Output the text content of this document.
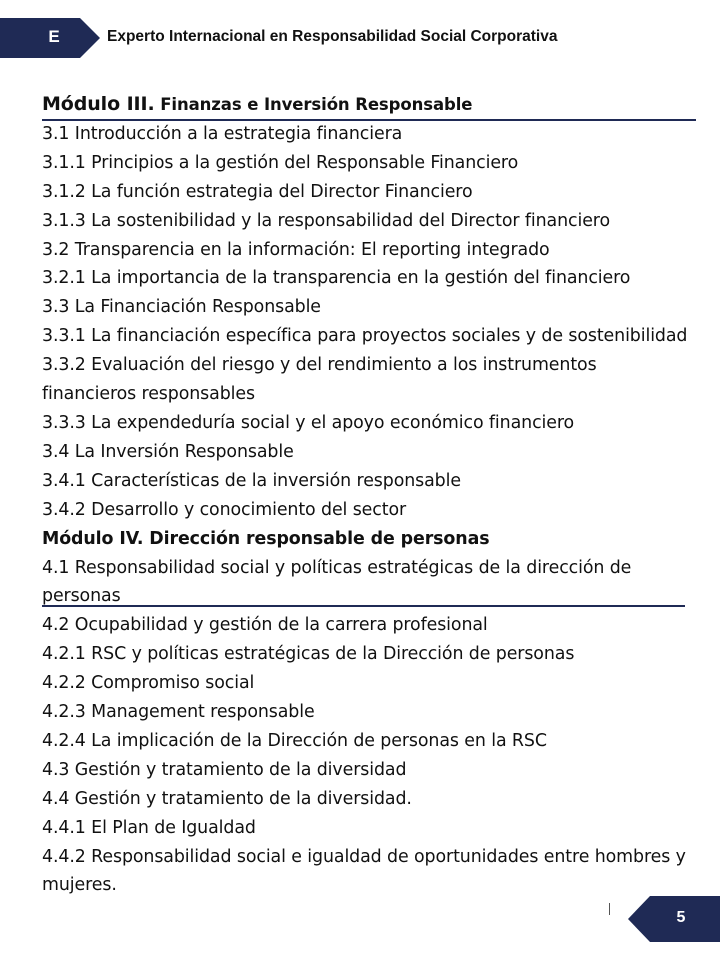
E	Experto Internacional en Responsabilidad Social Corporativa
Módulo III. Finanzas e Inversión Responsable
3.1 Introducción a la estrategia financiera
3.1.1 Principios a la gestión del Responsable Financiero
3.1.2 La función estrategia del Director Financiero
3.1.3 La sostenibilidad y la responsabilidad del Director financiero
3.2 Transparencia en la información: El reporting integrado
3.2.1 La importancia de la transparencia en la gestión del financiero
3.3 La Financiación Responsable
3.3.1 La financiación específica para proyectos sociales y de sostenibilidad
3.3.2 Evaluación del riesgo y del rendimiento a los instrumentos financieros responsables
3.3.3 La expendeduría social y el apoyo económico financiero
3.4 La Inversión Responsable
3.4.1 Características de la inversión responsable
3.4.2 Desarrollo y conocimiento del sector
Módulo IV. Dirección responsable de personas
4.1 Responsabilidad social y políticas estratégicas de la dirección de personas
4.2 Ocupabilidad y gestión de la carrera profesional
4.2.1 RSC y políticas estratégicas de la Dirección de personas
4.2.2 Compromiso social
4.2.3 Management responsable
4.2.4 La implicación de la Dirección de personas en la RSC
4.3 Gestión y tratamiento de la diversidad
4.4 Gestión y tratamiento de la diversidad.
4.4.1 El Plan de Igualdad
4.4.2 Responsabilidad social e igualdad de oportunidades entre hombres y mujeres.
5
